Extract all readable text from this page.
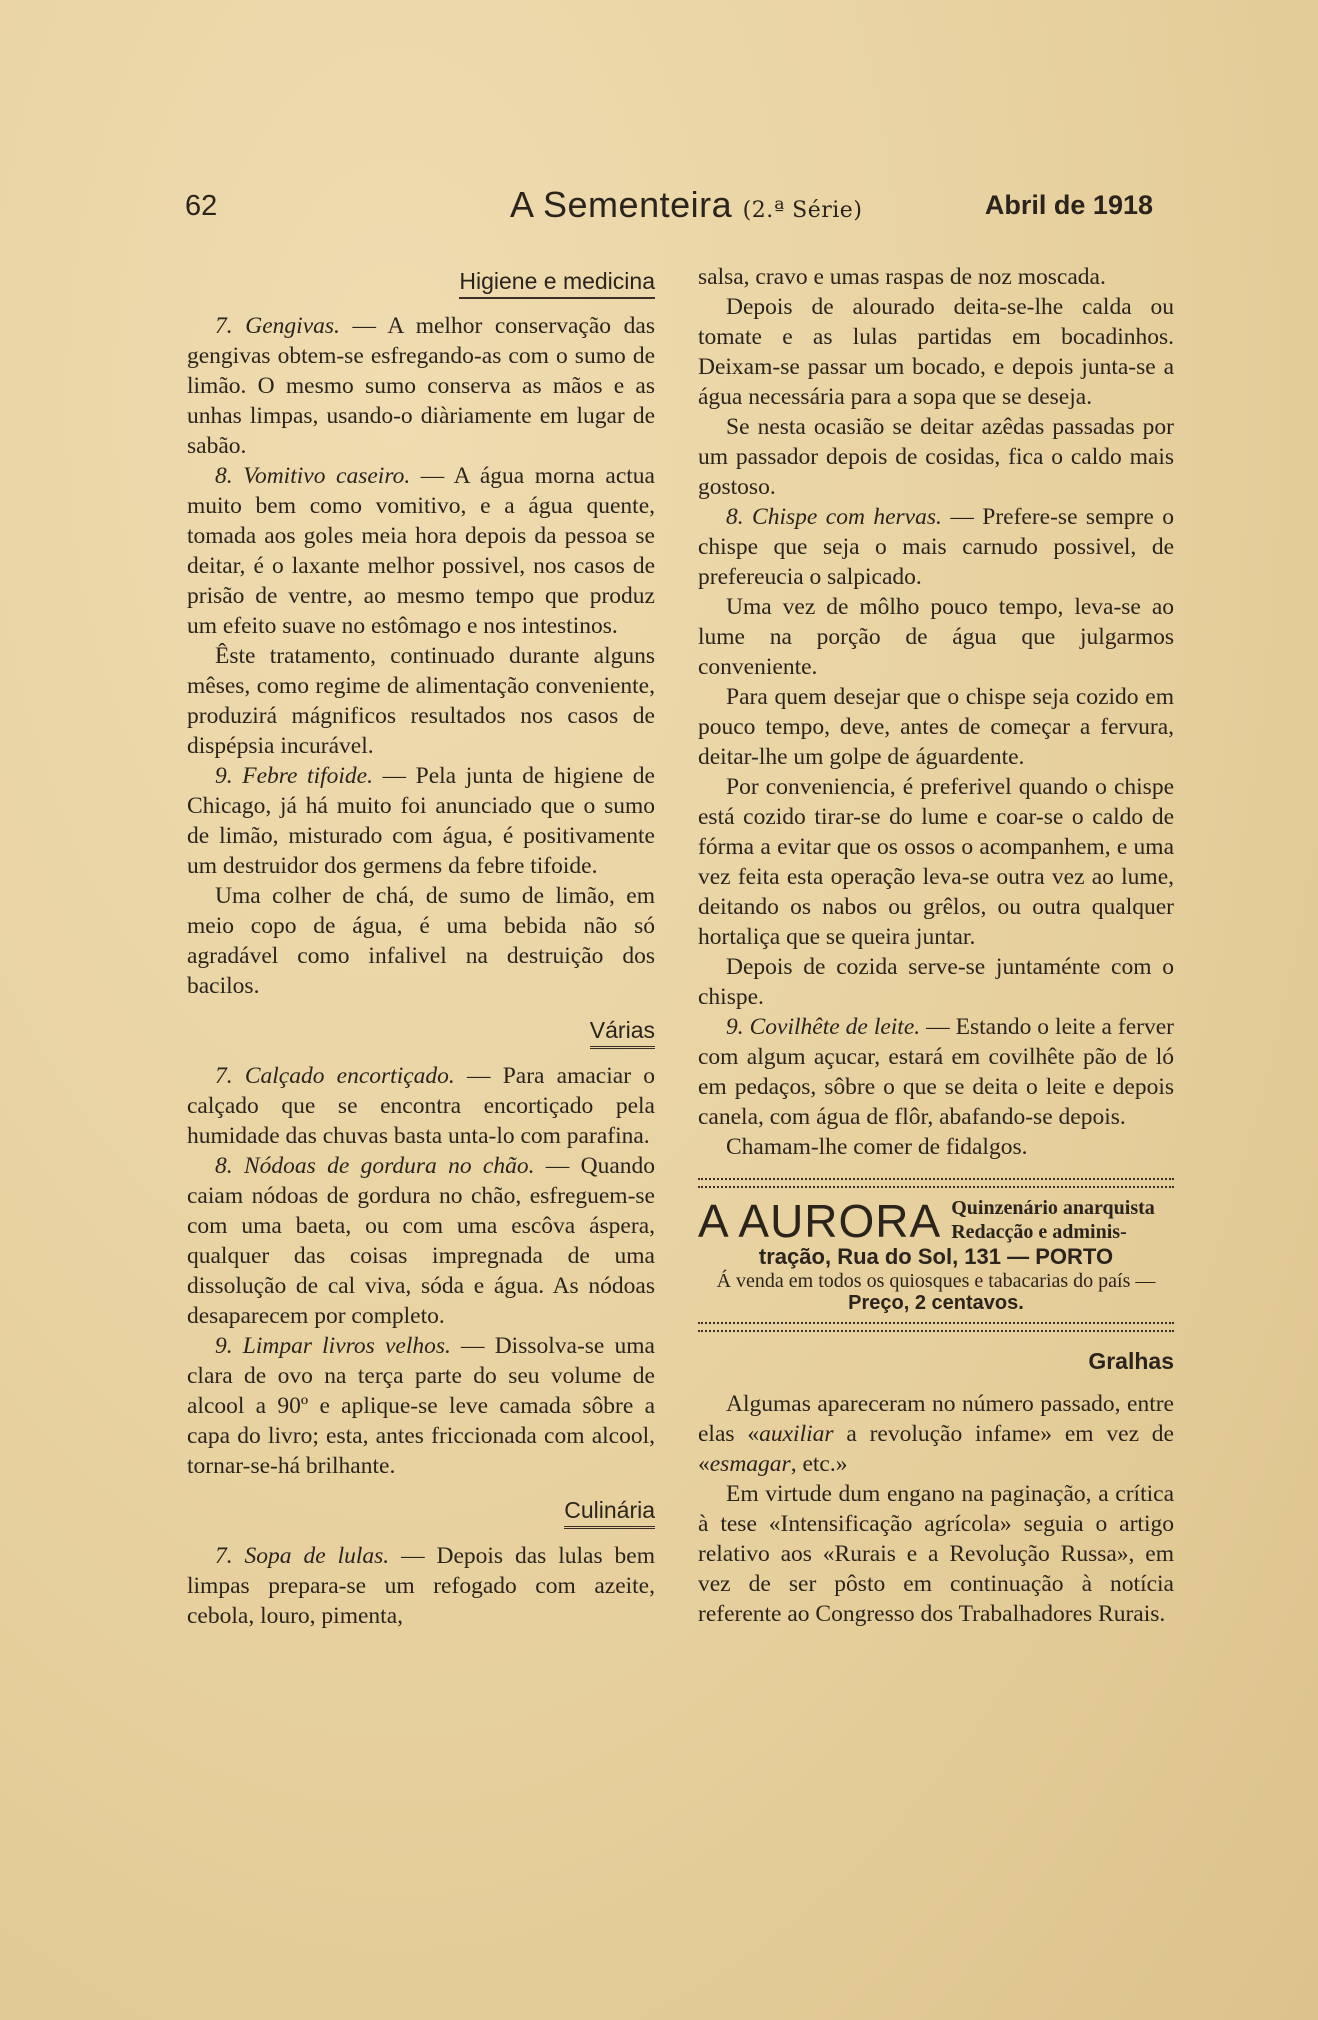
62	A Sementeira (2.ª Série)	Abril de 1918
Higiene e medicina

7. Gengivas. — A melhor conservação das gengivas obtem-se esfregando-as com o sumo de limão. O mesmo sumo conserva as mãos e as unhas limpas, usando-o diàriamente em lugar de sabão.

8. Vomitivo caseiro. — A água morna actua muito bem como vomitivo, e a água quente, tomada aos goles meia hora depois da pessoa se deitar, é o laxante melhor possivel, nos casos de prisão de ventre, ao mesmo tempo que produz um efeito suave no estômago e nos intestinos.

Êste tratamento, continuado durante alguns mêses, como regime de alimentação conveniente, produzirá mágnificos resultados nos casos de dispépsia incurável.

9. Febre tifoide. — Pela junta de higiene de Chicago, já há muito foi anunciado que o sumo de limão, misturado com água, é positivamente um destruidor dos germens da febre tifoide.

Uma colher de chá, de sumo de limão, em meio copo de água, é uma bebida não só agradável como infalivel na destruição dos bacilos.

Várias

7. Calçado encortiçado. — Para amaciar o calçado que se encontra encortiçado pela humidade das chuvas basta unta-lo com parafina.

8. Nódoas de gordura no chão. — Quando caiam nódoas de gordura no chão, esfreguem-se com uma baeta, ou com uma escôva áspera, qualquer das coisas impregnada de uma dissolução de cal viva, sóda e água. As nódoas desaparecem por completo.

9. Limpar livros velhos. — Dissolva-se uma clara de ovo na terça parte do seu volume de alcool a 90º e aplique-se leve camada sôbre a capa do livro; esta, antes friccionada com alcool, tornar-se-há brilhante.

Culinária

7. Sopa de lulas. — Depois das lulas bem limpas prepara-se um refogado com azeite, cebola, louro, pimenta,

salsa, cravo e umas raspas de noz moscada.

Depois de alourado deita-se-lhe calda ou tomate e as lulas partidas em bocadinhos. Deixam-se passar um bocado, e depois junta-se a água necessária para a sopa que se deseja.

Se nesta ocasião se deitar azêdas passadas por um passador depois de cosidas, fica o caldo mais gostoso.

8. Chispe com hervas. — Prefere-se sempre o chispe que seja o mais carnudo possivel, de prefereucia o salpicado.

Uma vez de môlho pouco tempo, leva-se ao lume na porção de água que julgarmos conveniente.

Para quem desejar que o chispe seja cozido em pouco tempo, deve, antes de começar a fervura, deitar-lhe um golpe de águardente.

Por conveniencia, é preferivel quando o chispe está cozido tirar-se do lume e coar-se o caldo de fórma a evitar que os ossos o acompanhem, e uma vez feita esta operação leva-se outra vez ao lume, deitando os nabos ou grêlos, ou outra qualquer hortaliça que se queira juntar.

Depois de cozida serve-se juntaménte com o chispe.

9. Covilhête de leite. — Estando o leite a ferver com algum açucar, estará em covilhête pão de ló em pedaços, sôbre o que se deita o leite e depois canela, com água de flôr, abafando-se depois.

Chamam-lhe comer de fidalgos.

A AURORA Quinzenário anarquista
Redacção e adminis-
tração, Rua do Sol, 131 — PORTO
Á venda em todos os quiosques e tabacarias do país — Preço, 2 centavos.
Gralhas

Algumas apareceram no número passado, entre elas «auxiliar a revolução infame» em vez de «esmagar, etc.»

Em virtude dum engano na paginação, a crítica à tese «Intensificação agrícola» seguia o artigo relativo aos «Rurais e a Revolução Russa», em vez de ser pôsto em continuação à notícia referente ao Congresso dos Trabalhadores Rurais.
